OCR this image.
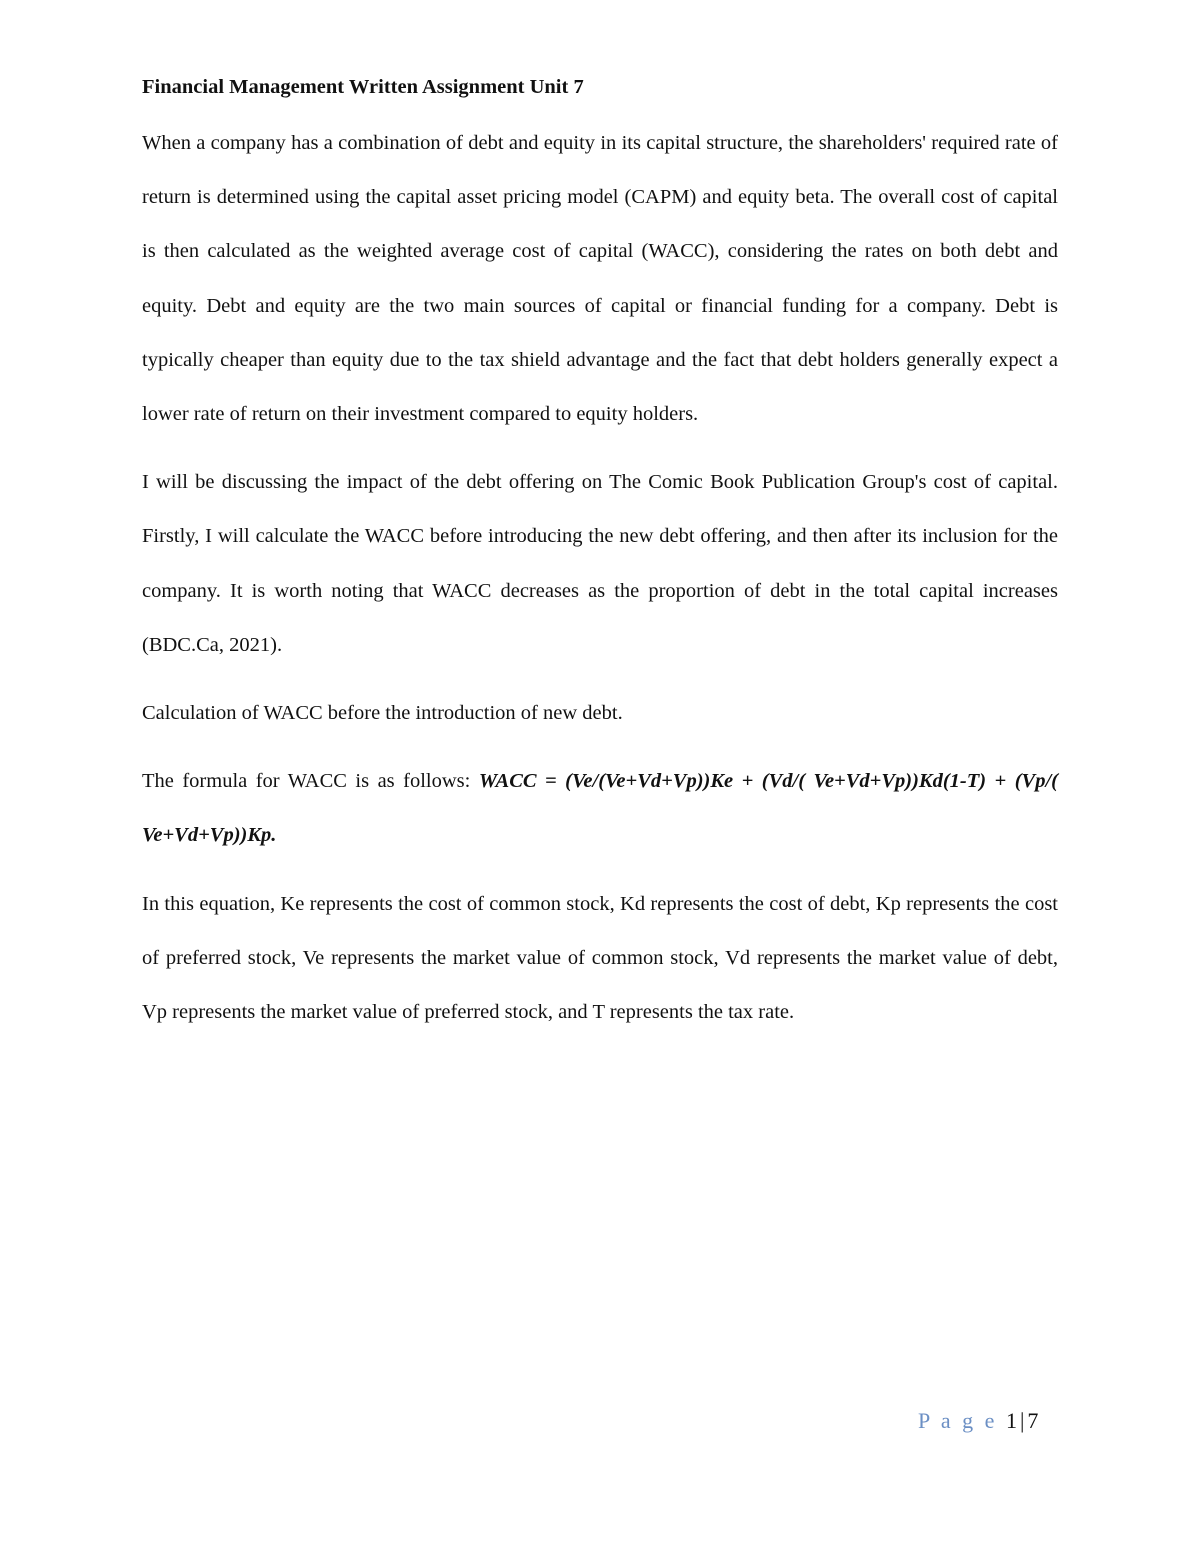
Financial Management Written Assignment Unit 7

When a company has a combination of debt and equity in its capital structure, the shareholders' required rate of return is determined using the capital asset pricing model (CAPM) and equity beta. The overall cost of capital is then calculated as the weighted average cost of capital (WACC), considering the rates on both debt and equity. Debt and equity are the two main sources of capital or financial funding for a company. Debt is typically cheaper than equity due to the tax shield advantage and the fact that debt holders generally expect a lower rate of return on their investment compared to equity holders.

I will be discussing the impact of the debt offering on The Comic Book Publication Group's cost of capital. Firstly, I will calculate the WACC before introducing the new debt offering, and then after its inclusion for the company. It is worth noting that WACC decreases as the proportion of debt in the total capital increases (BDC.Ca, 2021).

Calculation of WACC before the introduction of new debt.

The formula for WACC is as follows: WACC = (Ve/(Ve+Vd+Vp))Ke + (Vd/( Ve+Vd+Vp))Kd(1-T) + (Vp/( Ve+Vd+Vp))Kp.

In this equation, Ke represents the cost of common stock, Kd represents the cost of debt, Kp represents the cost of preferred stock, Ve represents the market value of common stock, Vd represents the market value of debt, Vp represents the market value of preferred stock, and T represents the tax rate.

P a g e 1|7
